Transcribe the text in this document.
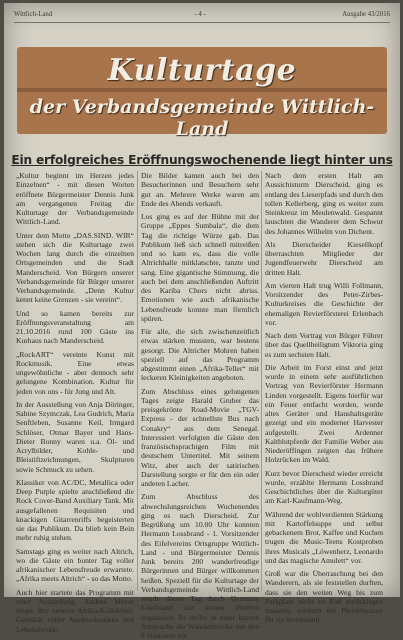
Wittlich-Land	- 4 -	Ausgabe 43/2016
Kulturtage
der Verbandsgemeinde Wittlich-Land
Ein erfolgreiches Eröffnungswochenende liegt hinter uns

„Kultur beginnt im Herzen jedes Einzelnen“ - mit diesen Worten eröffnete Bürgermeister Dennis Junk am vergangenen Freitag die Kulturtage der Verbandsgemeinde Wittlich-Land.

Unter dem Motto „DAS.SIND. WIR“ stehen sich die Kulturtage zwei Wochen lang durch die einzelnen Ortsgemeinden und die Stadt Manderscheid. Von Bürgern unserer Verbandsgemeinde für Bürger unserer Verbandsgemeinde. „Denn Kultur kennt keine Grenzen - sie vereint“.

Und so kamen bereits zur Eröffnungsveranstaltung am 21.10.2016 rund 100 Gäste ins Kurhaus nach Manderscheid.

„RockART“ vereinte Kunst mit Rockmusik. Eine etwas ungewöhnliche - aber dennoch sehr gelungene Kombination. Kultur für jeden von uns - für Jung und Alt.

In der Ausstellung von Anja Döringer, Sabine Szymczak, Lea Gudrich, Maria Senftleben, Susanne Keil, Irmgard Schlöser, Otmar Bayer und Hans-Dieter Bonny waren u.a. Öl- und Acrylbilder, Kohle- und Bleistiftzeichnungen, Skulpturen sowie Schmuck zu sehen.

Klassiker von AC/DC, Metallica oder Deep Purple spielte anschließend die Rock Cover-Band Auxiliary Tank. Mit ausgefallenen Requisiten und knackigen Gitarrenriffs begeisterten sie das Publikum. Da blieb kein Bein mehr ruhig stehen.

Samstags ging es weiter nach Altrich, wo die Gäste ein bunter Tag voller afrikanischer Lebensfreude erwartete. „Afrika meets Altrich“ - so das Motto.

Auch hier startete das Programm mit einer Ausstellung. Andrea Meyer zeigte ihre neueste Afrika-Kollektion. Gemälde voller Ausdrucksstärke und Lebensfreude.

Die Bilder kamen auch bei den Besucherinnen und Besuchern sehr gut an. Mehrere Werke waren am Ende des Abends verkauft.

Los ging es auf der Bühne mit der Gruppe „Eppes Sumbala“, die dem Tag die richtige Würze gab. Das Publikum ließ sich schnell mitreißen und so kam es, dass die volle Altrichhalle mitklatschte, tanzte und sang. Eine gigantische Stimmung, die auch bei dem anschließenden Auftritt des Kariba Chors nicht abriss. Emotionen wie auch afrikanische Lebensfreude konnte man förmlich spüren.

Für alle, die sich zwischenzeitlich etwas stärken mussten, war bestens gesorgt. Die Altricher Mohren haben speziell auf das Programm abgestimmt einen „Afrika-Teller“ mit leckeren Kleinigkeiten angeboten.

Zum Abschluss eines gelungenen Tages zeigte Harald Gruber das preisgekrönte Road-Movie „TGV-Express - der schnellste Bus nach Conakry“ aus dem Senegal. Interessiert verfolgten die Gäste den französischsprachigen Film mit deutschem Untertitel. Mit seinem Witz, aber auch der satirischen Darstellung sorgte er für den ein oder anderen Lacher.

Zum Abschluss des abwechslungsreichen Wochenendes ging es nach Dierscheid. Zur Begrüßung um 10.00 Uhr konnten Hermann Lossbrand - 1. Vorsitzender des Eifelvereins Ortsgruppe Wittlich-Land - und Bürgermeister Dennis Junk bereits 200 wanderfreudige Bürgerinnen und Bürger willkommen heißen. Speziell für die Kulturtage der Verbandsgemeinde Wittlich-Land wurde dieser Tag durch Hermann Lossbrand mit seinen Helfern organisiert. Er stellte in einer kurzen Ansprache die Wanderstrecke mit den 8 Stationen vor.

Nach dem ersten Halt am Aussichtsturm Dierscheid, ging es entlang des Lieserpfads und durch den tollen Kellerberg, ging es weiter zum Steinkreuz im Meulenwald. Gespannt lauschten die Wanderer dem Schwur des Johannes Wilhelm von Dichent.

Als Dierscheider Kiesellkopf überraschten Mitglieder der Jugendfeuerwehr Dierscheid am dritten Halt.

Am vierten Halt trug Willi Follmann, Vorsitzender des Peter-Zirbes-Kulturkreises die Geschichte der ehemaligen Revierförsterei Erlenbach vor.

Nach dem Vortrag von Bürger Führer über das Quellheiligtum Viktoria ging es zum sechsten Halt.

Die Arbeit im Forst einst und jetzt wurde in einem sehr ausführlichen Vortrag von Revierförster Hermann Linden vorgestellt. Eigens hierfür war ein Feuer entfacht worden, wurde altes Geräter und Haushaltsgeräte gezeigt und ein moderner Harvester aufgestellt. Zwei Ardenner Kaltblutpferde der Familie Weber aus Niederöffingen zeigten das frühere Holzrücken im Wald.

Kurz bevor Dierscheid wieder erreicht wurde, erzählte Hermann Lossbrand Geschichtliches über die Kulturgüter am Karl-Kaufmann-Weg.

Während der wohlverdienten Stärkung mit Kartoffelsuppe und selbst gebackenem Brot, Kaffee und Kuchen trugen die Music-Teens Kostproben ihres Musicals „Löwenherz, Leonardo und das magische Amulett“ vor.

Groß war die Überraschung bei den Wanderern, als sie feststellen durften, dass sie den weiten Weg bis zum Parkplatz nicht zu Fuß zurücklegen mussten, sondern ein Pferdebustaxi für sie bereitstand.
